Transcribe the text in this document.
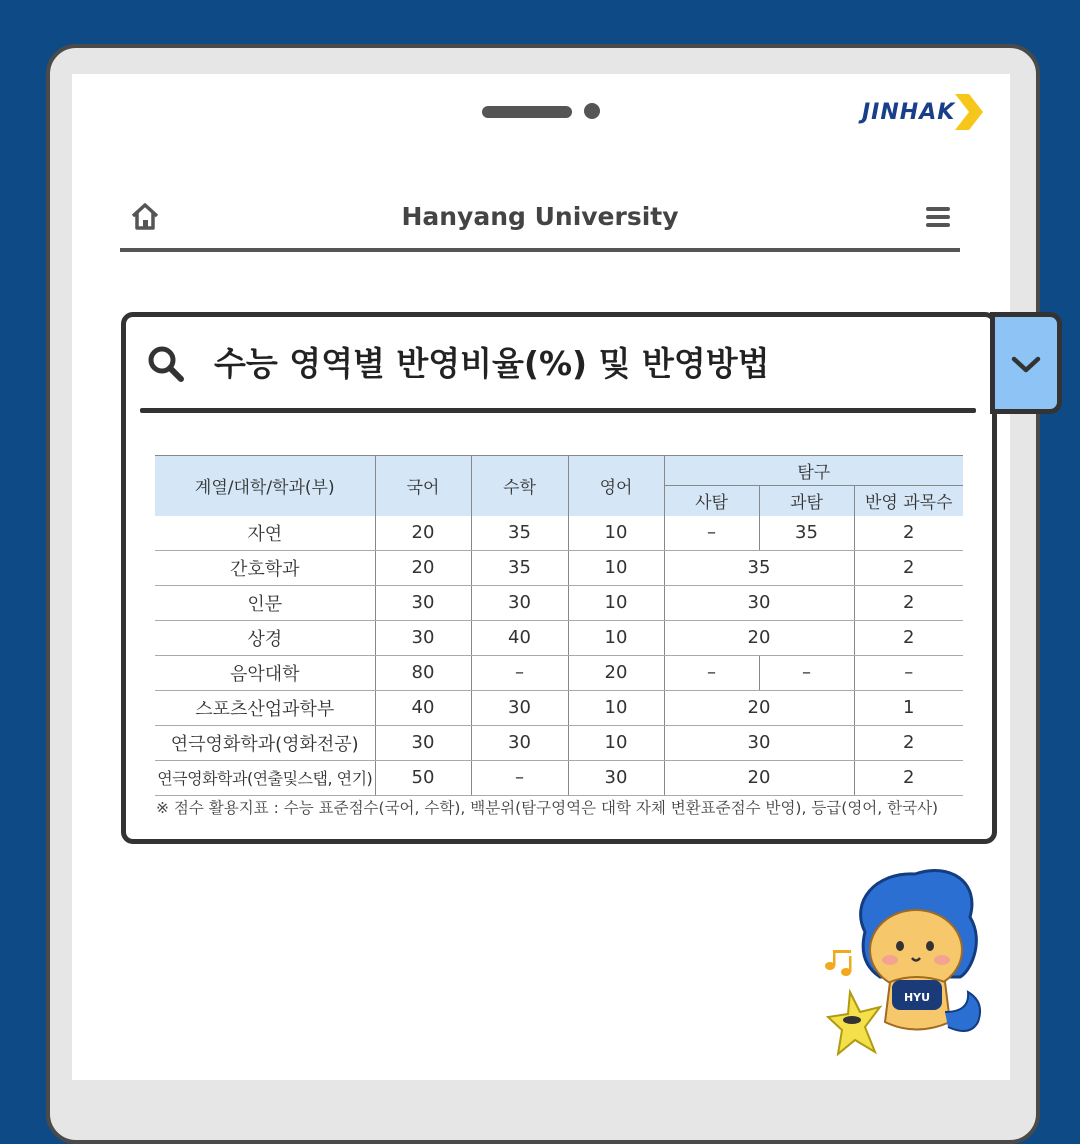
JINHAK
Hanyang University
수능 영역별 반영비율(%) 및 반영방법
계열/대학/학과(부)	국어	수학	영어	탐구		
				사탐	과탐	반영 과목수
자연	20	35	10	–	35	2
간호학과	20	35	10	35		2
인문	30	30	10	30		2
상경	30	40	10	20		2
음악대학	80	–	20	–	–	–
스포츠산업과학부	40	30	10	20		1
연극영화학과(영화전공)	30	30	10	30		2
연극영화학과(연출및스탭, 연기)	50	–	30	20		2
※ 점수 활용지표 : 수능 표준점수(국어, 수학), 백분위(탐구영역은 대학 자체 변환표준점수 반영), 등급(영어, 한국사)
HYU
